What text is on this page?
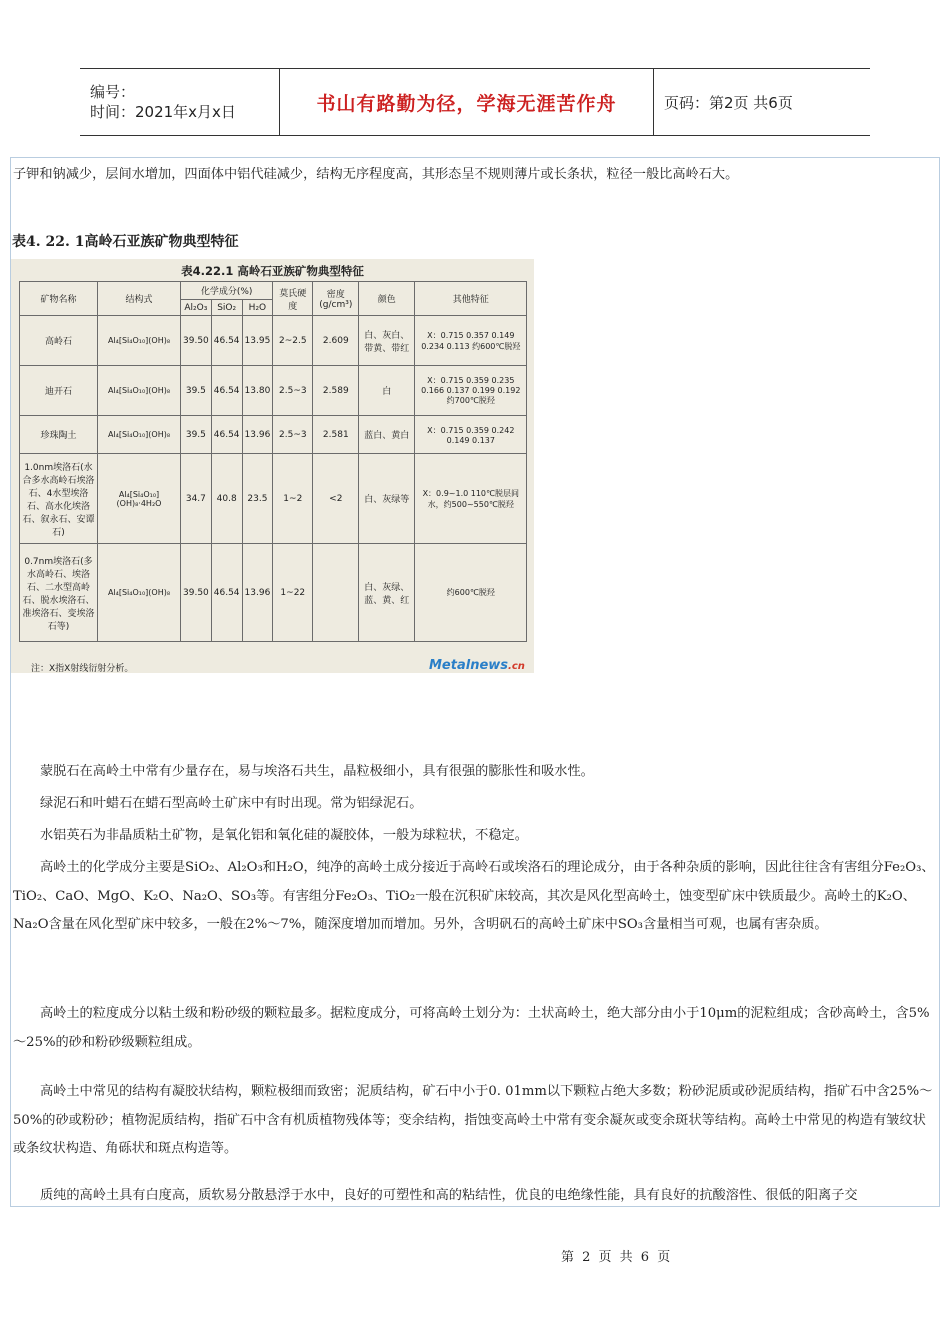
编号：
时间：2021年x月x日	书山有路勤为径，学海无涯苦作舟	页码：第2页 共6页
子钾和钠减少，层间水增加，四面体中铝代硅减少，结构无序程度高，其形态呈不规则薄片或长条状，粒径一般比高岭石大。
表4. 22. 1高岭石亚族矿物典型特征
表4.22.1 高岭石亚族矿物典型特征
矿物名称	结构式	化学成分(%)			莫氏硬度	密度(g/cm³)	颜色	其他特征
		Al₂O₃	SiO₂	H₂O				
高岭石	Al₄[Si₄O₁₀](OH)₈	39.50	46.54	13.95	2~2.5	2.609	白、灰白、带黄、带红	X：0.715 0.357 0.149 0.234 0.113 约600℃脱羟
迪开石	Al₄[Si₄O₁₀](OH)₈	39.5	46.54	13.80	2.5~3	2.589	白	X：0.715 0.359 0.235 0.166 0.137 0.199 0.192 约700℃脱羟
珍珠陶土	Al₄[Si₄O₁₀](OH)₈	39.5	46.54	13.96	2.5~3	2.581	蓝白、黄白	X：0.715 0.359 0.242 0.149 0.137
1.0nm埃洛石(水合多水高岭石埃洛石、4水型埃洛石、高水化埃洛石、叙永石、安谭石)	Al₄[Si₄O₁₀](OH)₈·4H₂O	34.7	40.8	23.5	1~2	<2	白、灰绿等	X：0.9~1.0 110℃脱层间水，约500~550℃脱羟
0.7nm埃洛石(多水高岭石、埃洛石、二水型高岭石、脱水埃洛石、准埃洛石、变埃洛石等)	Al₄[Si₄O₁₀](OH)₈	39.50	46.54	13.96	1~22		白、灰绿、蓝、黄、红	约600℃脱羟
注：X指X射线衍射分析。	Metalnews.cn

蒙脱石在高岭土中常有少量存在，易与埃洛石共生，晶粒极细小，具有很强的膨胀性和吸水性。

绿泥石和叶蜡石在蜡石型高岭土矿床中有时出现。常为铝绿泥石。

水铝英石为非晶质粘土矿物，是氧化铝和氧化硅的凝胶体，一般为球粒状，不稳定。

高岭土的化学成分主要是SiO₂、Al₂O₃和H₂O，纯净的高岭土成分接近于高岭石或埃洛石的理论成分，由于各种杂质的影响，因此往往含有害组分Fe₂O₃、TiO₂、CaO、MgO、K₂O、Na₂O、SO₃等。有害组分Fe₂O₃、TiO₂一般在沉积矿床较高，其次是风化型高岭土，蚀变型矿床中铁质最少。高岭土的K₂O、Na₂O含量在风化型矿床中较多，一般在2%～7%，随深度增加而增加。另外，含明矾石的高岭土矿床中SO₃含量相当可观，也属有害杂质。

高岭土的粒度成分以粘土级和粉砂级的颗粒最多。据粒度成分，可将高岭土划分为：土状高岭土，绝大部分由小于10μm的泥粒组成；含砂高岭土，含5%～25%的砂和粉砂级颗粒组成。

高岭土中常见的结构有凝胶状结构，颗粒极细而致密；泥质结构，矿石中小于0. 01mm以下颗粒占绝大多数；粉砂泥质或砂泥质结构，指矿石中含25%～50%的砂或粉砂；植物泥质结构，指矿石中含有机质植物残体等；变余结构，指蚀变高岭土中常有变余凝灰或变余斑状等结构。高岭土中常见的构造有皱纹状或条纹状构造、角砾状和斑点构造等。

质纯的高岭土具有白度高，质软易分散悬浮于水中，良好的可塑性和高的粘结性，优良的电绝缘性能，具有良好的抗酸溶性、很低的阳离子交

第 2 页 共 6 页
